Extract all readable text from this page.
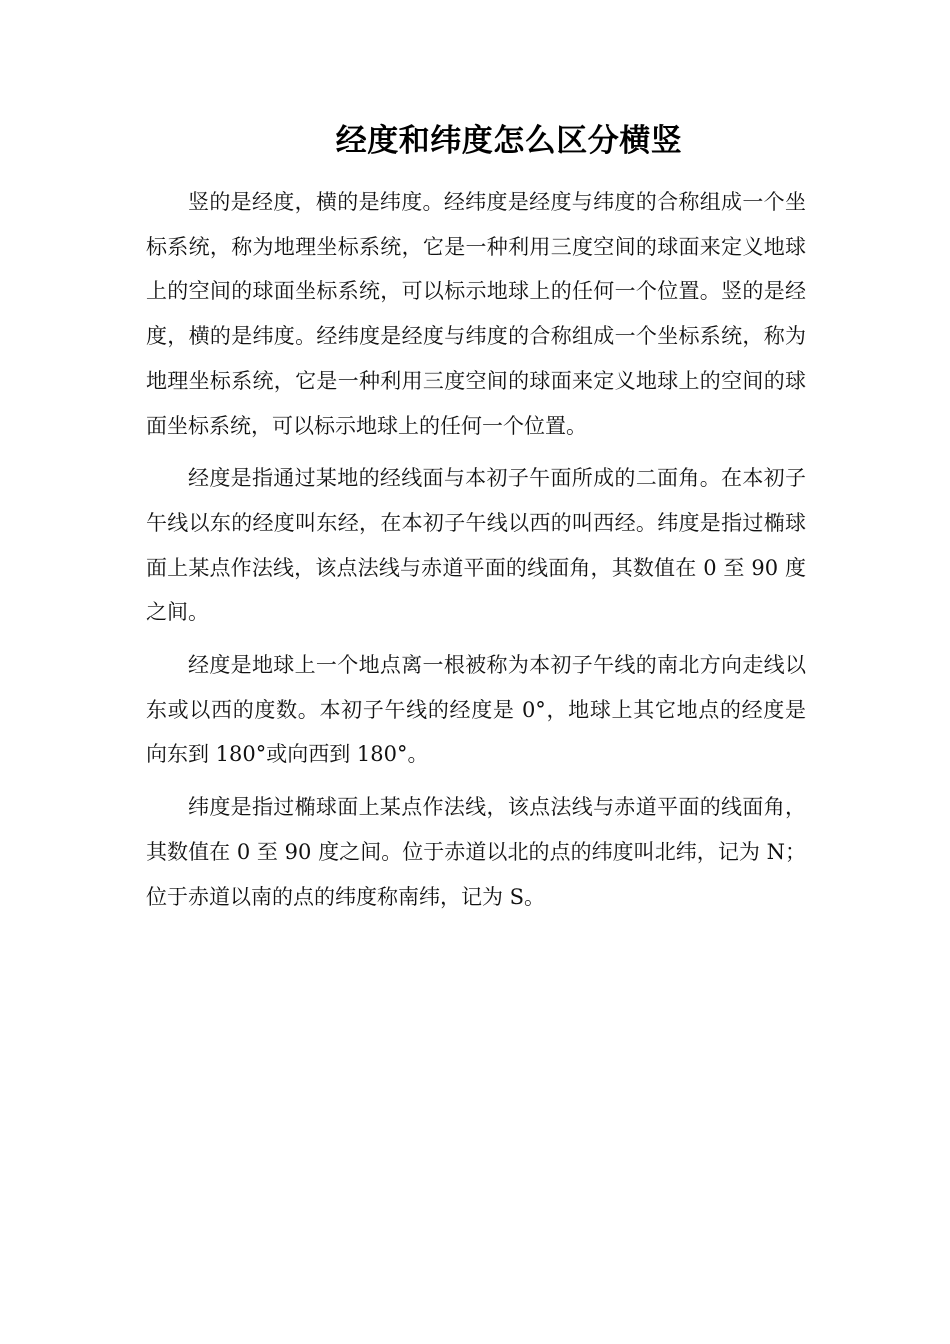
经度和纬度怎么区分横竖

竖的是经度，横的是纬度。经纬度是经度与纬度的合称组成一个坐标系统，称为地理坐标系统，它是一种利用三度空间的球面来定义地球上的空间的球面坐标系统，可以标示地球上的任何一个位置。竖的是经度，横的是纬度。经纬度是经度与纬度的合称组成一个坐标系统，称为地理坐标系统，它是一种利用三度空间的球面来定义地球上的空间的球面坐标系统，可以标示地球上的任何一个位置。

经度是指通过某地的经线面与本初子午面所成的二面角。在本初子午线以东的经度叫东经，在本初子午线以西的叫西经。纬度是指过椭球面上某点作法线，该点法线与赤道平面的线面角，其数值在 0 至 90 度之间。

经度是地球上一个地点离一根被称为本初子午线的南北方向走线以东或以西的度数。本初子午线的经度是 0°，地球上其它地点的经度是向东到 180°或向西到 180°。

纬度是指过椭球面上某点作法线，该点法线与赤道平面的线面角，其数值在 0 至 90 度之间。位于赤道以北的点的纬度叫北纬，记为 N；位于赤道以南的点的纬度称南纬，记为 S。
